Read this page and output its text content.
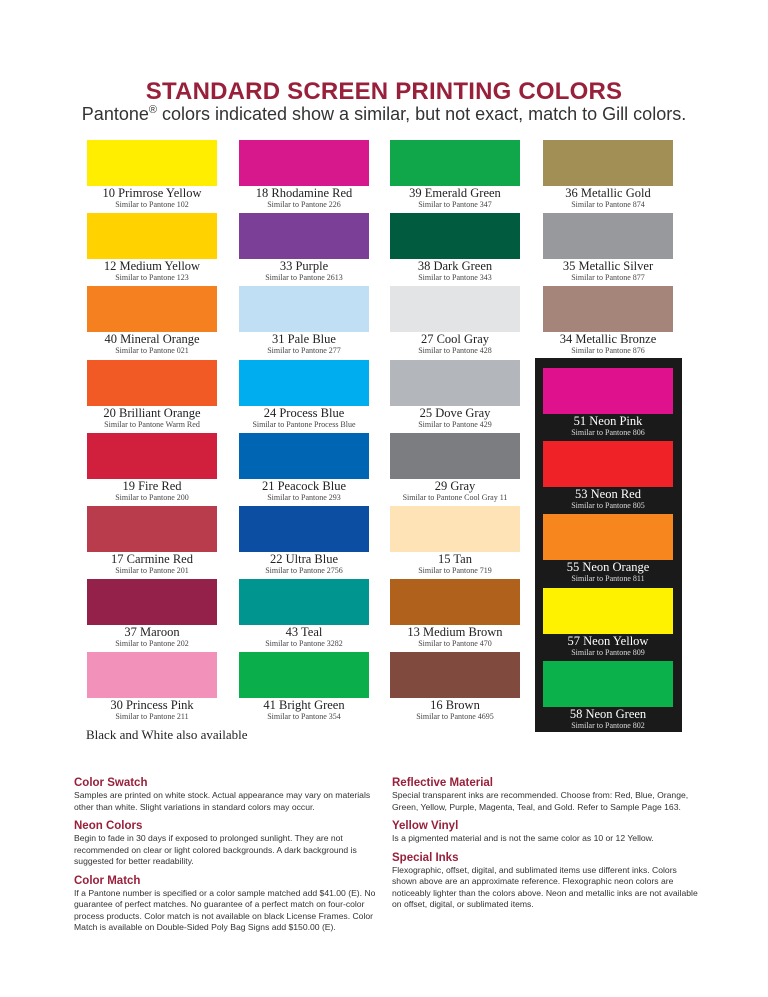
STANDARD SCREEN PRINTING COLORS
Pantone® colors indicated show a similar, but not exact, match to Gill colors.
10 Primrose Yellow
Similar to Pantone 102
12 Medium Yellow
Similar to Pantone 123
40 Mineral Orange
Similar to Pantone 021
20 Brilliant Orange
Similar to Pantone Warm Red
19 Fire Red
Similar to Pantone 200
17 Carmine Red
Similar to Pantone 201
37 Maroon
Similar to Pantone 202
30 Princess Pink
Similar to Pantone 211
18 Rhodamine Red
Similar to Pantone 226
33 Purple
Similar to Pantone 2613
31 Pale Blue
Similar to Pantone 277
24 Process Blue
Similar to Pantone Process Blue
21 Peacock Blue
Similar to Pantone 293
22 Ultra Blue
Similar to Pantone 2756
43 Teal
Similar to Pantone 3282
41 Bright Green
Similar to Pantone 354
39 Emerald Green
Similar to Pantone 347
38 Dark Green
Similar to Pantone 343
27 Cool Gray
Similar to Pantone 428
25 Dove Gray
Similar to Pantone 429
29 Gray
Similar to Pantone Cool Gray 11
15 Tan
Similar to Pantone 719
13 Medium Brown
Similar to Pantone 470
16 Brown
Similar to Pantone 4695
36 Metallic Gold
Similar to Pantone 874
35 Metallic Silver
Similar to Pantone 877
34 Metallic Bronze
Similar to Pantone 876
51 Neon Pink
Similar to Pantone 806
53 Neon Red
Similar to Pantone 805
55 Neon Orange
Similar to Pantone 811
57 Neon Yellow
Similar to Pantone 809
58 Neon Green
Similar to Pantone 802
Black and White also available
Color Swatch

Samples are printed on white stock. Actual appearance may vary on materials other than white. Slight variations in standard colors may occur.

Neon Colors

Begin to fade in 30 days if exposed to prolonged sunlight. They are not recommended on clear or light colored backgrounds. A dark background is suggested for better readability.

Color Match

If a Pantone number is specified or a color sample matched add $41.00 (E). No guarantee of perfect matches. No guarantee of a perfect match on four-color process products. Color match is not available on black License Frames. Color Match is available on Double-Sided Poly Bag Signs add $150.00 (E).

Reflective Material

Special transparent inks are recommended. Choose from: Red, Blue, Orange, Green, Yellow, Purple, Magenta, Teal, and Gold. Refer to Sample Page 163.

Yellow Vinyl

Is a pigmented material and is not the same color as 10 or 12 Yellow.

Special Inks

Flexographic, offset, digital, and sublimated items use different inks. Colors shown above are an approximate reference. Flexographic neon colors are noticeably lighter than the colors above. Neon and metallic inks are not available on offset, digital, or sublimated items.
